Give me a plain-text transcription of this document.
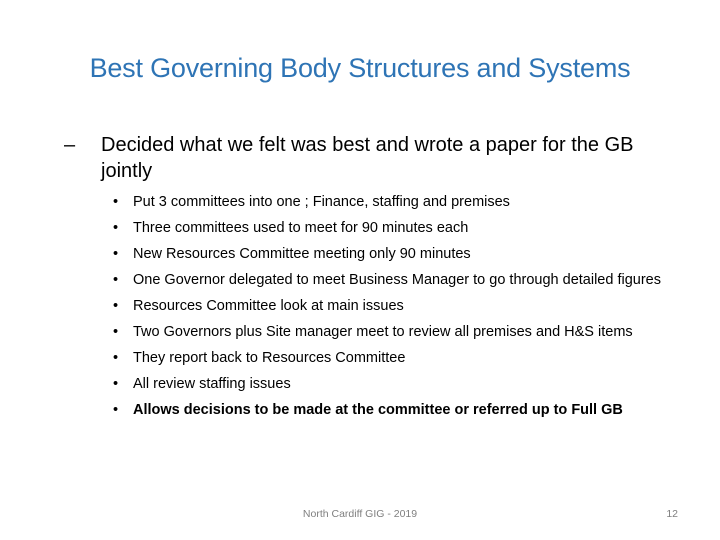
Best Governing Body Structures and Systems
– Decided what we felt was best and wrote a paper for the GB jointly
• Put 3 committees into one ; Finance, staffing and premises
• Three committees used to meet for 90 minutes each
• New Resources Committee meeting only 90 minutes
• One Governor delegated to meet Business Manager to go through detailed figures
• Resources Committee look at main issues
• Two Governors plus Site manager meet to review all premises and H&S items
• They report back to Resources Committee
• All review staffing issues
• Allows decisions to be made at the committee or referred up to Full GB
North Cardiff GIG - 2019	12
